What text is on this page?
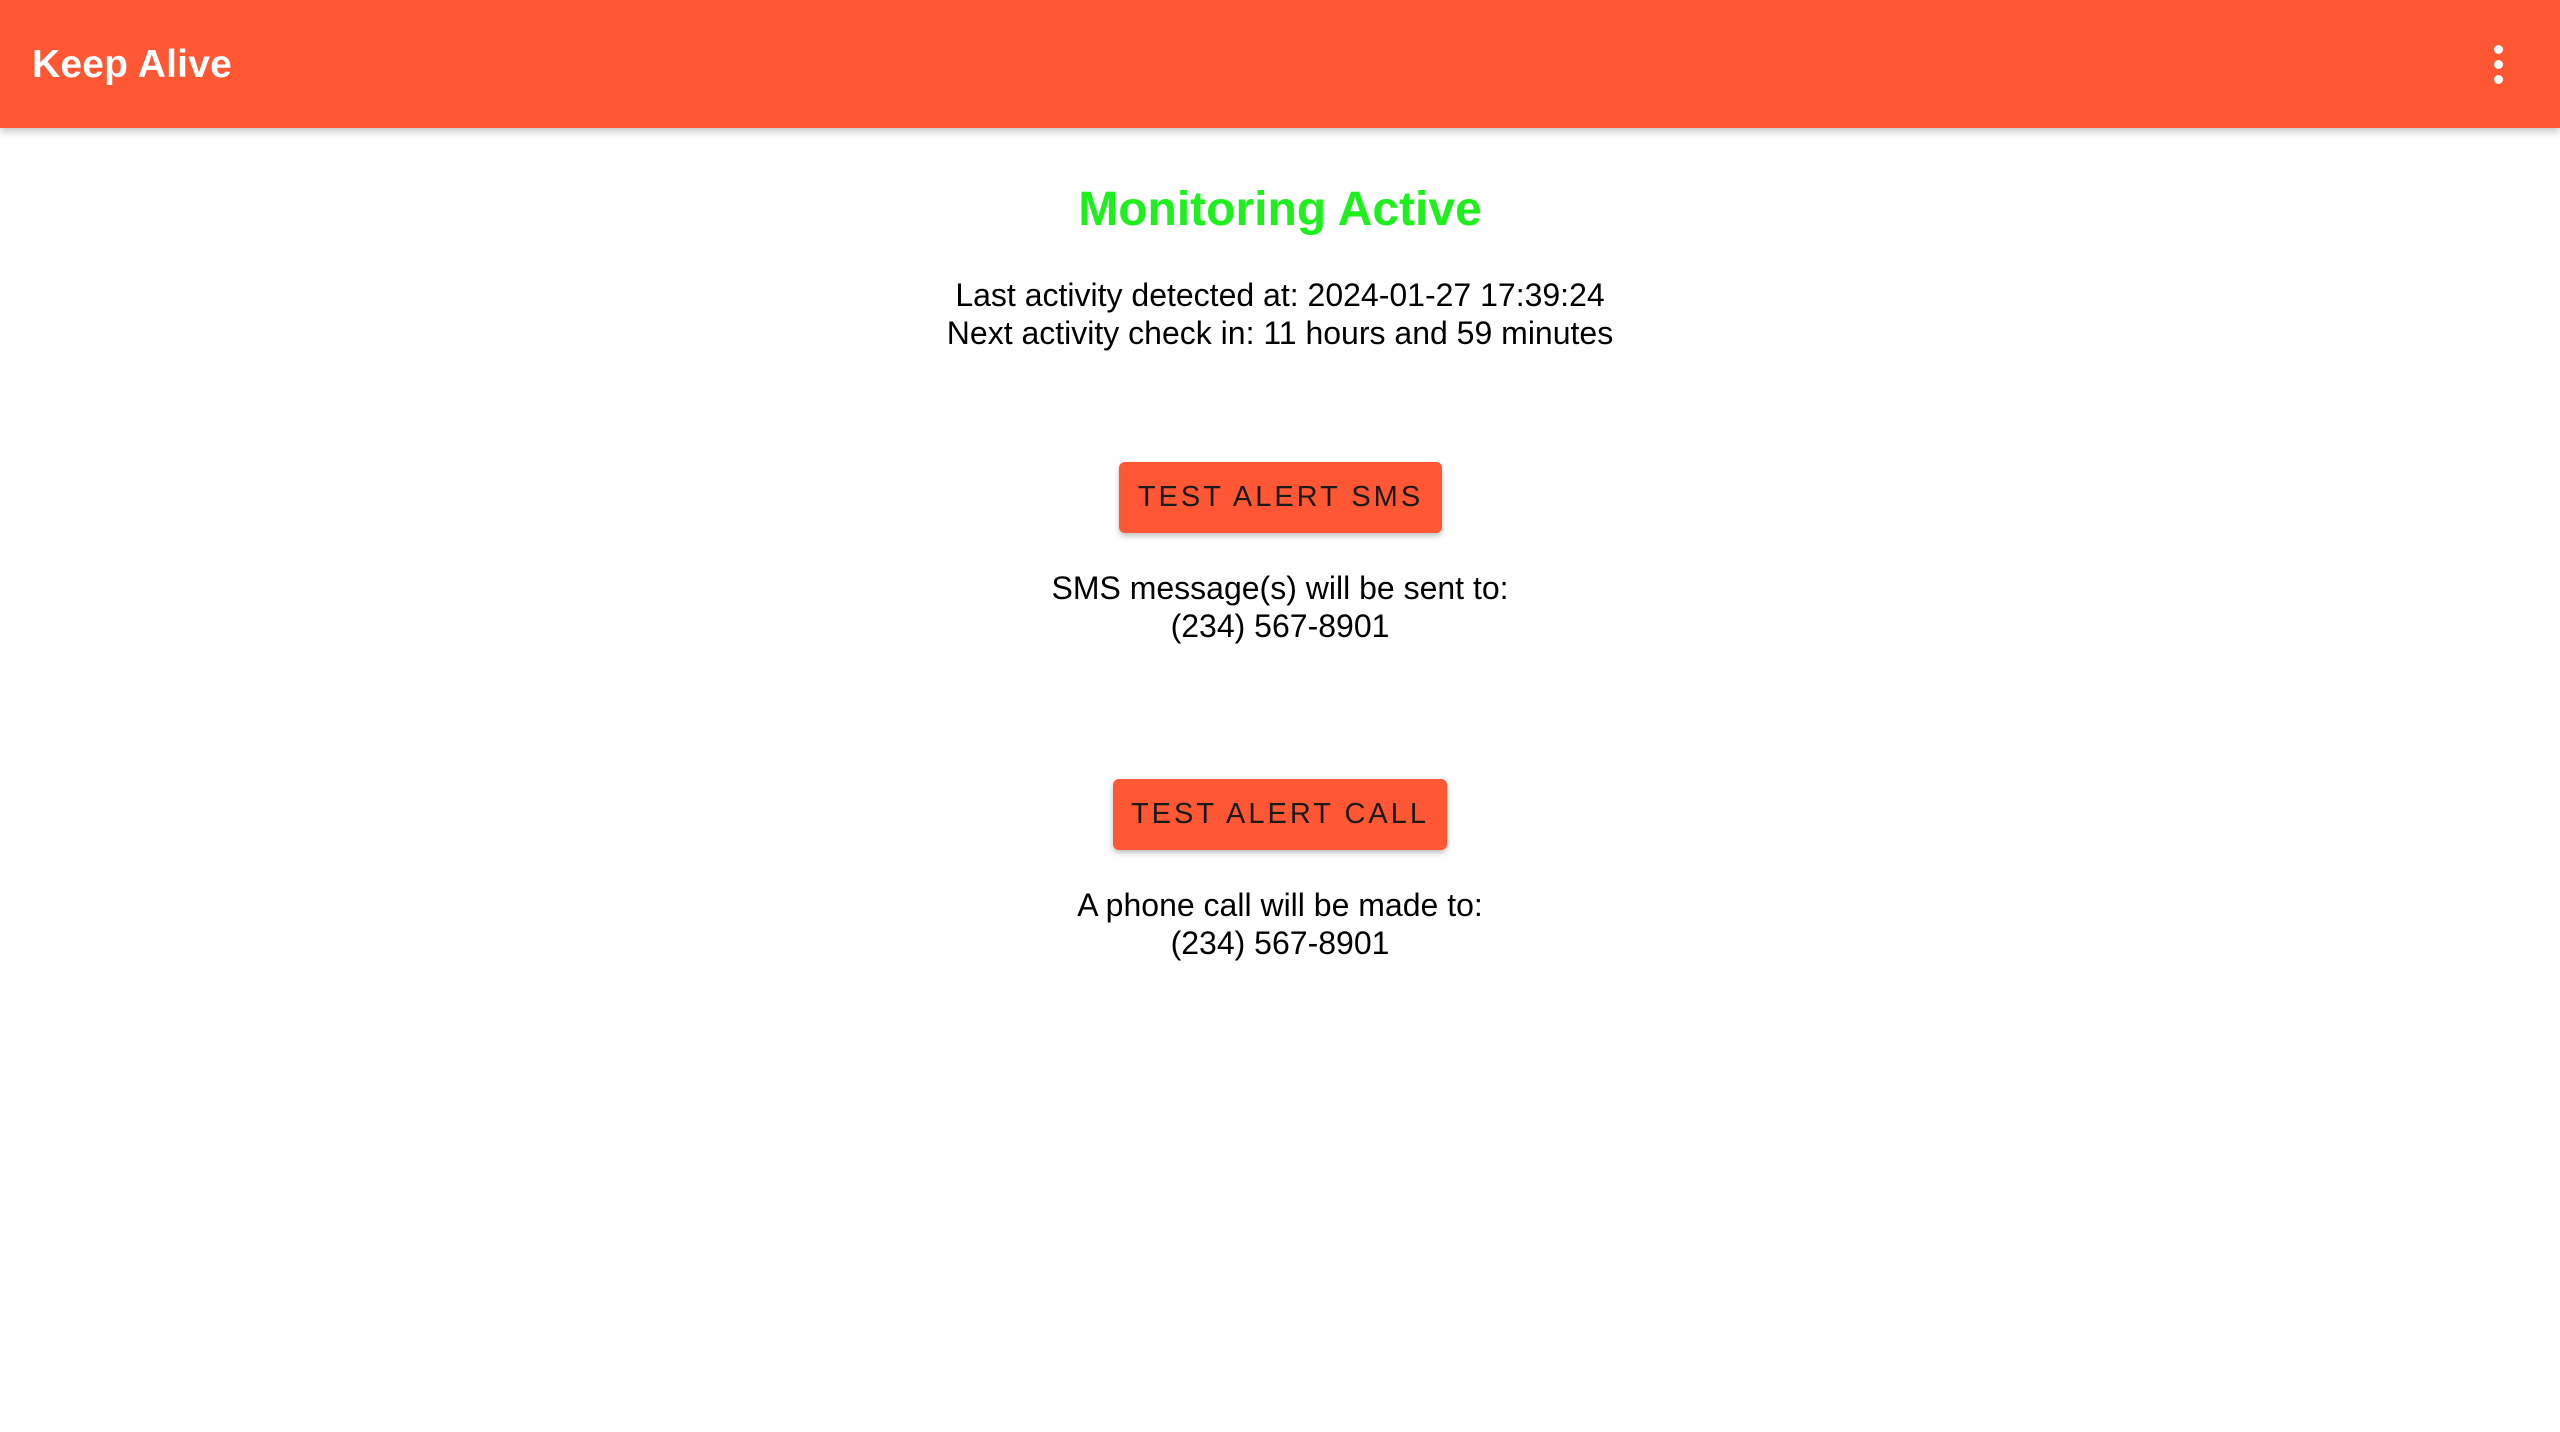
Keep Alive
Monitoring Active
Last activity detected at: 2024-01-27 17:39:24
Next activity check in: 11 hours and 59 minutes
TEST ALERT SMS
SMS message(s) will be sent to:
(234) 567-8901
TEST ALERT CALL
A phone call will be made to:
(234) 567-8901
